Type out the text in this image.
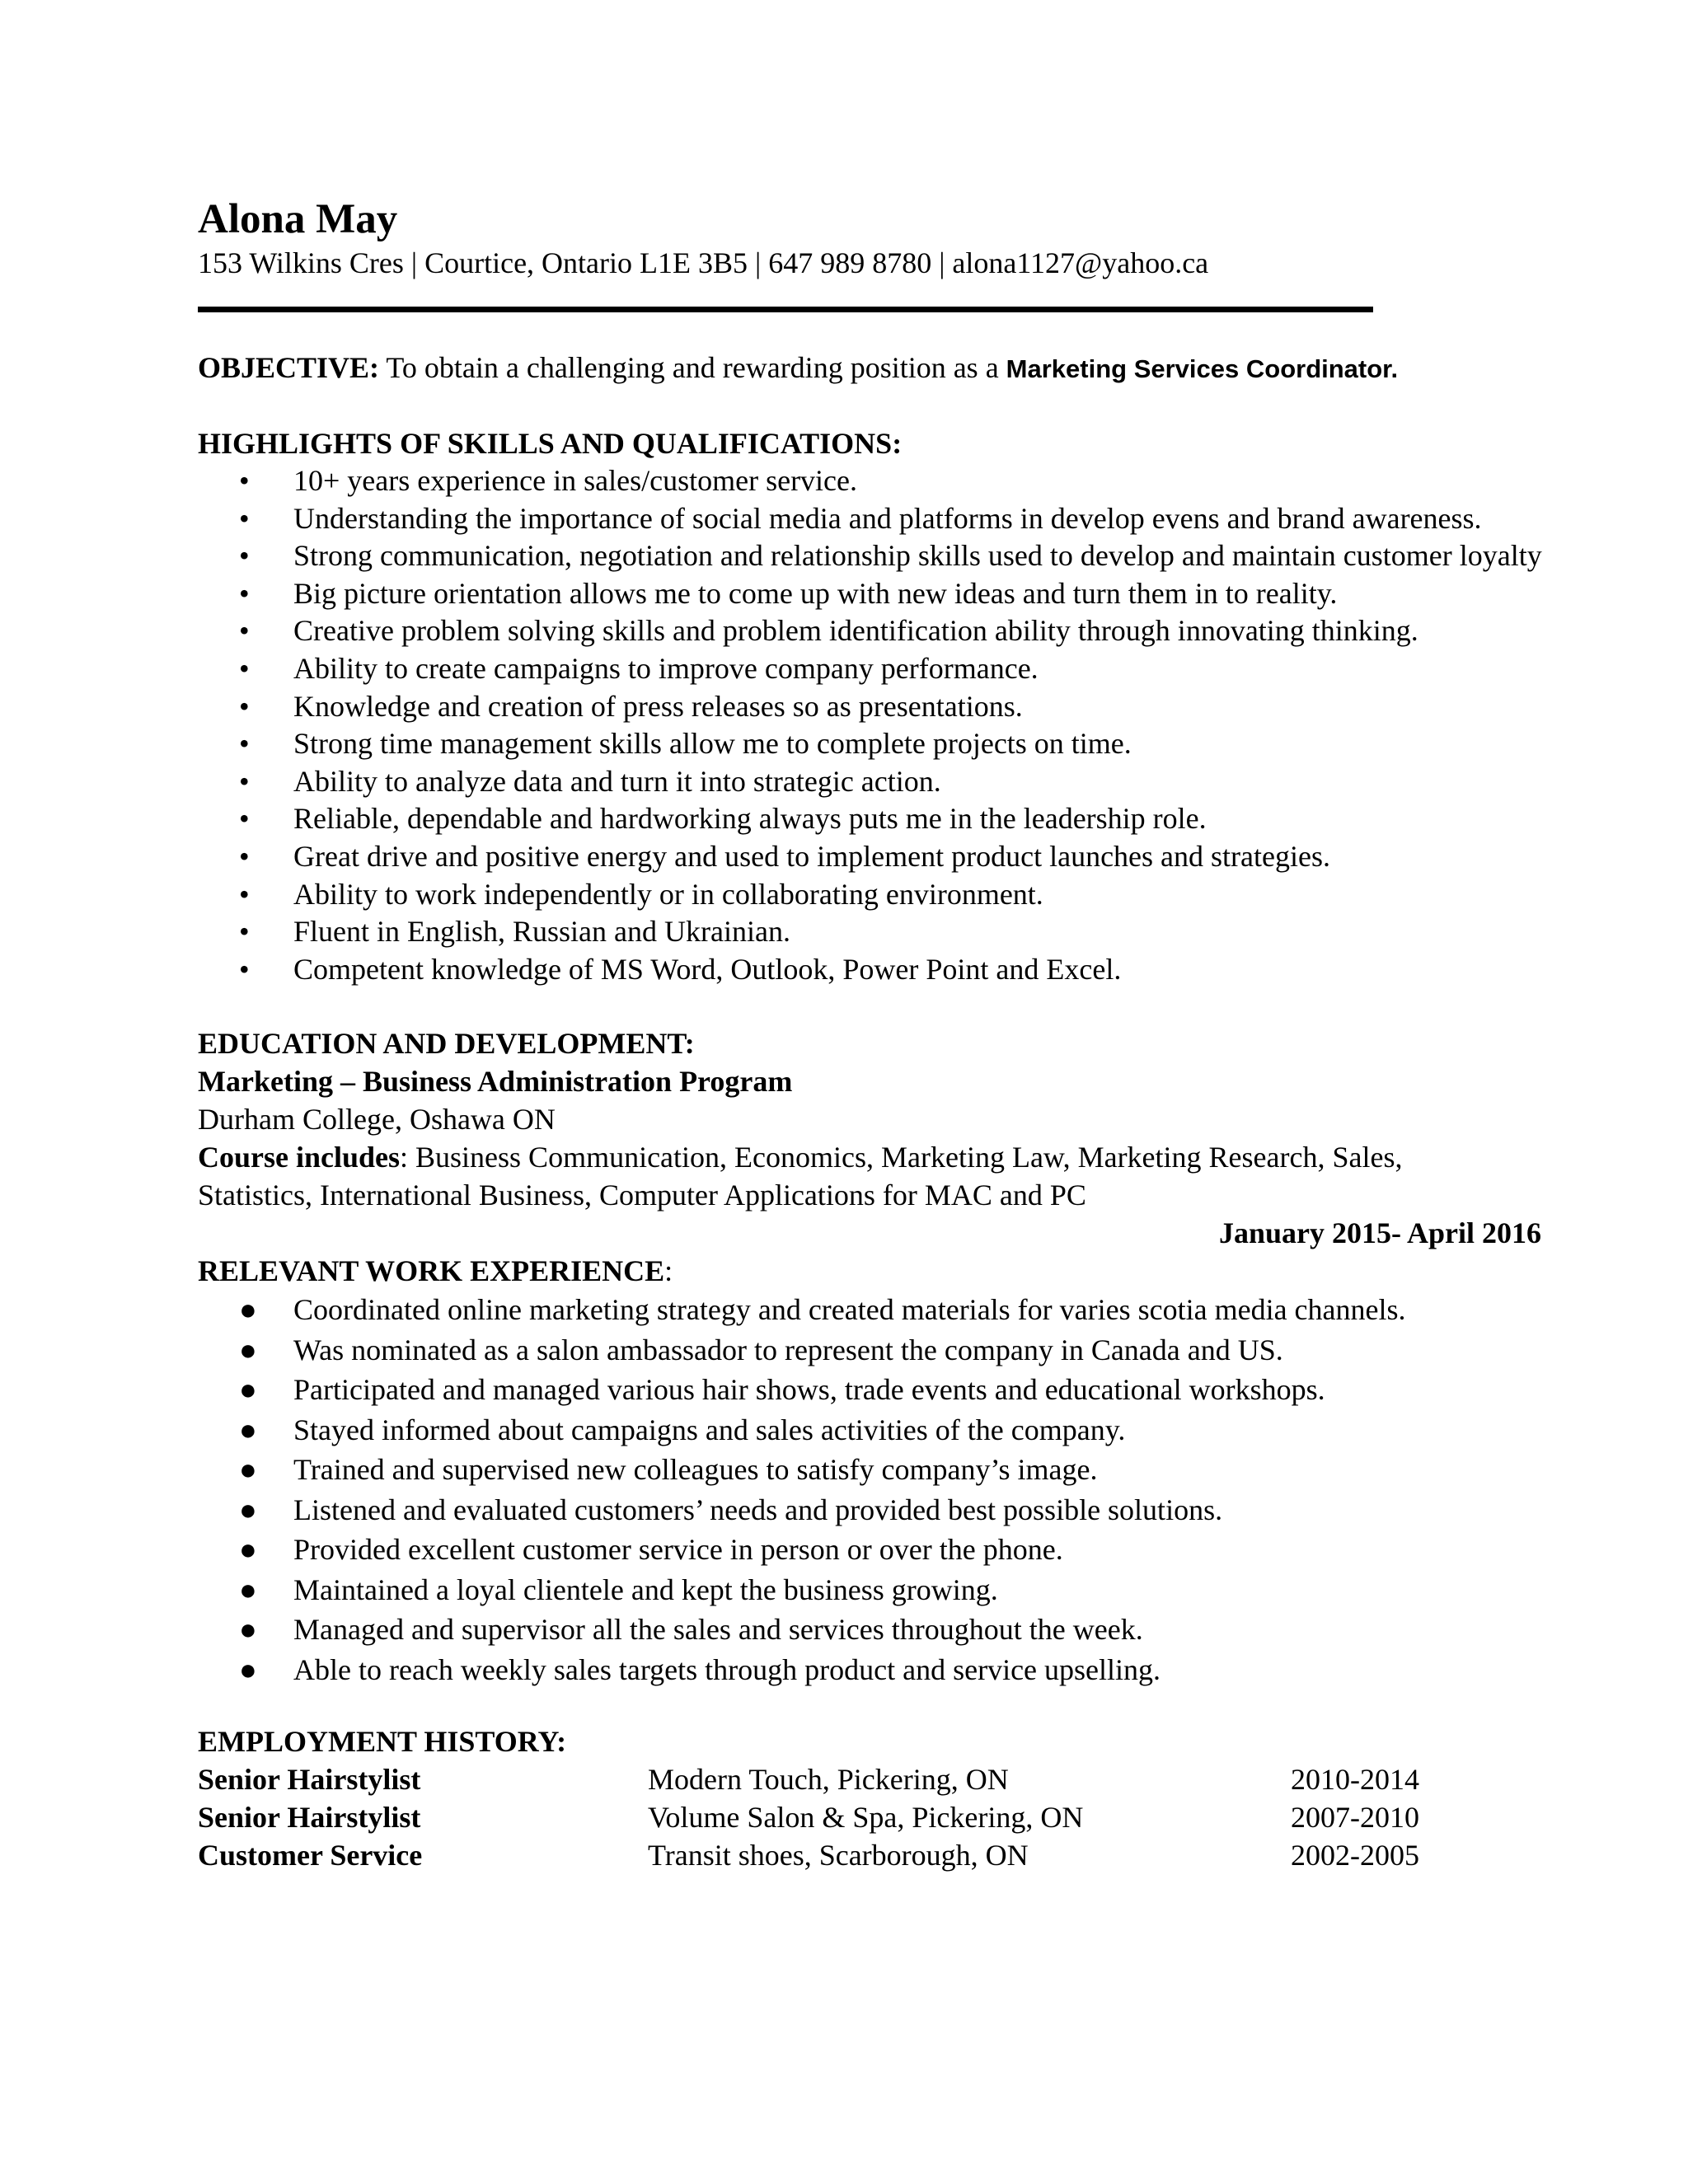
Alona May

153 Wilkins Cres | Courtice, Ontario L1E 3B5 | 647 989 8780 | alona1127@yahoo.ca

OBJECTIVE: To obtain a challenging and rewarding position as a Marketing Services Coordinator.

HIGHLIGHTS OF SKILLS AND QUALIFICATIONS:

• 10+ years experience in sales/customer service.
• Understanding the importance of social media and platforms in develop evens and brand awareness.
• Strong communication, negotiation and relationship skills used to develop and maintain customer loyalty
• Big picture orientation allows me to come up with new ideas and turn them in to reality.
• Creative problem solving skills and problem identification ability through innovating thinking.
• Ability to create campaigns to improve company performance.
• Knowledge and creation of press releases so as presentations.
• Strong time management skills allow me to complete projects on time.
• Ability to analyze data and turn it into strategic action.
• Reliable, dependable and hardworking always puts me in the leadership role.
• Great drive and positive energy and used to implement product launches and strategies.
• Ability to work independently or in collaborating environment.
• Fluent in English, Russian and Ukrainian.
• Competent knowledge of MS Word, Outlook, Power Point and Excel.

EDUCATION AND DEVELOPMENT:

Marketing – Business Administration Program

Durham College, Oshawa ON

Course includes: Business Communication, Economics, Marketing Law, Marketing Research, Sales,

Statistics, International Business, Computer Applications for MAC and PC

January 2015- April 2016

RELEVANT WORK EXPERIENCE:

● Coordinated online marketing strategy and created materials for varies scotia media channels.
● Was nominated as a salon ambassador to represent the company in Canada and US.
● Participated and managed various hair shows, trade events and educational workshops.
● Stayed informed about campaigns and sales activities of the company.
● Trained and supervised new colleagues to satisfy company’s image.
● Listened and evaluated customers’ needs and provided best possible solutions.
● Provided excellent customer service in person or over the phone.
● Maintained a loyal clientele and kept the business growing.
● Managed and supervisor all the sales and services throughout the week.
● Able to reach weekly sales targets through product and service upselling.

EMPLOYMENT HISTORY:

Senior Hairstylist	Modern Touch, Pickering, ON	2010-2014
Senior Hairstylist	Volume Salon & Spa, Pickering, ON	2007-2010
Customer Service	Transit shoes, Scarborough, ON	2002-2005
